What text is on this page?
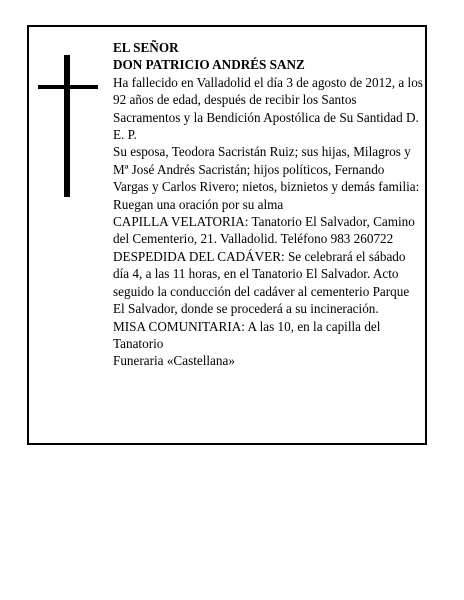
EL SEÑOR

DON PATRICIO ANDRÉS SANZ

Ha fallecido en Valladolid el día 3 de agosto de 2012, a los 92 años de edad, después de recibir los Santos Sacramentos y la Bendición Apostólica de Su Santidad D. E. P.

Su esposa, Teodora Sacristán Ruiz; sus hijas, Milagros y Mª José Andrés Sacristán; hijos políticos, Fernando Vargas y Carlos Rivero; nietos, biznietos y demás familia:

Ruegan una oración por su alma

CAPILLA VELATORIA: Tanatorio El Salvador, Camino del Cementerio, 21. Valladolid. Teléfono 983 260722

DESPEDIDA DEL CADÁVER: Se celebrará el sábado día 4, a las 11 horas, en el Tanatorio El Salvador. Acto seguido la conducción del cadáver al cementerio Parque El Salvador, donde se procederá a su incineración.

MISA COMUNITARIA: A las 10, en la capilla del Tanatorio

Funeraria «Castellana»
